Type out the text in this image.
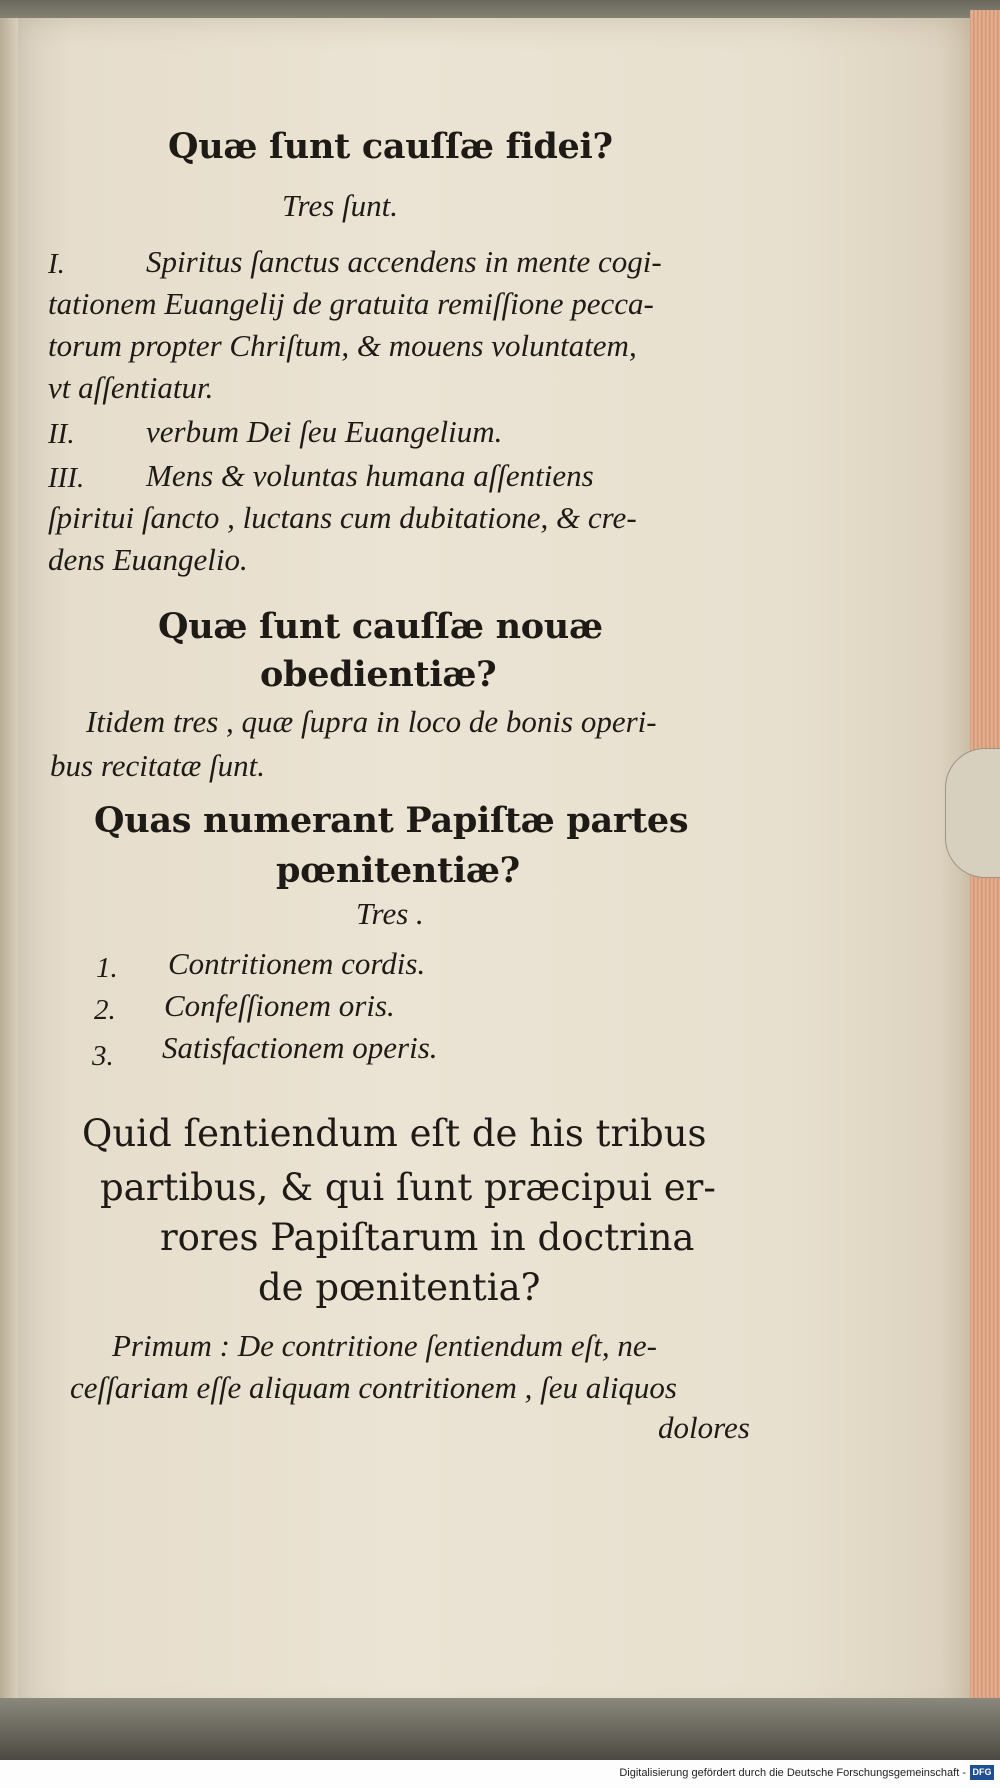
Quæ ſunt cauſſæ fidei?
Tres ſunt.
I.	Spiritus ſanctus accendens in mente cogi-
tationem Euangelij de gratuita remiſſione pecca-
torum propter Chriſtum, & mouens voluntatem,
vt aſſentiatur.
II. verbum Dei ſeu Euangelium.
III. Mens & voluntas humana aſſentiens
ſpiritui ſancto , luctans cum dubitatione, & cre-
dens Euangelio.
Quæ ſunt cauſſæ nouæ
obedientiæ?
Itidem tres , quæ ſupra in loco de bonis operi-
bus recitatæ ſunt.
Quas numerant Papiſtæ partes
pœnitentiæ?
Tres .
1. Contritionem cordis.
2. Confeſſionem oris.
3. Satisfactionem operis.
Quid ſentiendum eſt de his tribus
partibus, & qui ſunt præcipui er-
rores Papiſtarum in doctrina
de pœnitentia?
Primum : De contritione ſentiendum eſt, ne-
ceſſariam eſſe aliquam contritionem , ſeu aliquos
dolores
Digitalisierung gefördert durch die Deutsche Forschungsgemeinschaft - DFG
